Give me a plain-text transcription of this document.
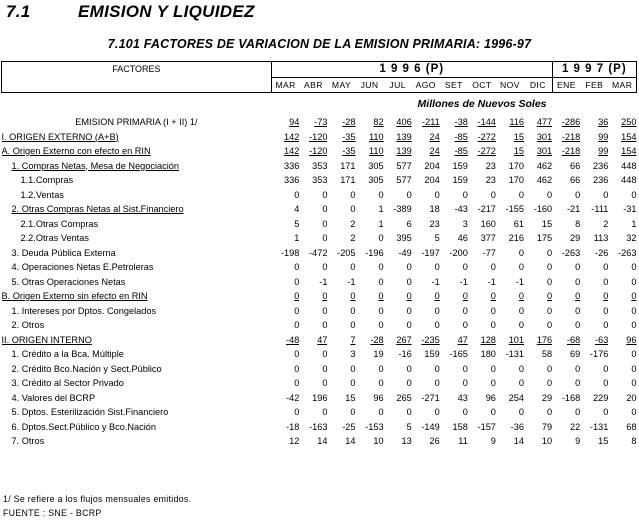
7.1	EMISION Y LIQUIDEZ
7.101 FACTORES DE VARIACION DE LA EMISION PRIMARIA: 1996-97
FACTORES	1 9 9 6 (P)										1 9 9 7 (P)		
	MAR	ABR	MAY	JUN	JUL	AGO	SET	OCT	NOV	DIC	ENE	FEB	MAR
Millones de Nuevos Soles													
EMISION PRIMARIA (I + II) 1/	94	-73	-28	82	406	-211	-38	-144	116	477	-286	36	250
I. ORIGEN EXTERNO (A+B)	142	-120	-35	110	139	24	-85	-272	15	301	-218	99	154
A. Origen Externo con efecto en RIN	142	-120	-35	110	139	24	-85	-272	15	301	-218	99	154
1. Compras Netas, Mesa de Negociación	336	353	171	305	577	204	159	23	170	462	66	236	448
1.1.Compras	336	353	171	305	577	204	159	23	170	462	66	236	448
1.2.Ventas	0	0	0	0	0	0	0	0	0	0	0	0	0
2. Otras Compras Netas al Sist.Financiero	4	0	0	1	-389	18	-43	-217	-155	-160	-21	-111	-31
2.1.Otras Compras	5	0	2	1	6	23	3	160	61	15	8	2	1
2.2.Otras Ventas	1	0	2	0	395	5	46	377	216	175	29	113	32
3. Deuda Pública Externa	-198	-472	-205	-196	-49	-197	-200	-77	0	0	-263	-26	-263
4. Operaciones Netas E.Petroleras	0	0	0	0	0	0	0	0	0	0	0	0	0
5. Otras Operaciones Netas	0	-1	-1	0	0	-1	-1	-1	-1	0	0	0	0
B. Origen Externo sin efecto en RIN	0	0	0	0	0	0	0	0	0	0	0	0	0
1. Intereses por Dptos. Congelados	0	0	0	0	0	0	0	0	0	0	0	0	0
2. Otros	0	0	0	0	0	0	0	0	0	0	0	0	0
II. ORIGEN INTERNO	-48	47	7	-28	267	-235	47	128	101	176	-68	-63	96
1. Crédito a la Bca. Múltiple	0	0	3	19	-16	159	-165	180	-131	58	69	-176	0
2. Crédito Bco.Nación y Sect.Público	0	0	0	0	0	0	0	0	0	0	0	0	0
3. Crédito al Sector Privado	0	0	0	0	0	0	0	0	0	0	0	0	0
4. Valores del BCRP	-42	196	15	96	265	-271	43	96	254	29	-168	229	20
5. Dptos. Esterilización Sist.Financiero	0	0	0	0	0	0	0	0	0	0	0	0	0
6. Dptos.Sect.Público y Bco.Nación	-18	-163	-25	-153	5	-149	158	-157	-36	79	22	-131	68
7. Otros	12	14	14	10	13	26	11	9	14	10	9	15	8
1/ Se refiere a los flujos mensuales emitidos.
FUENTE : SNE - BCRP
